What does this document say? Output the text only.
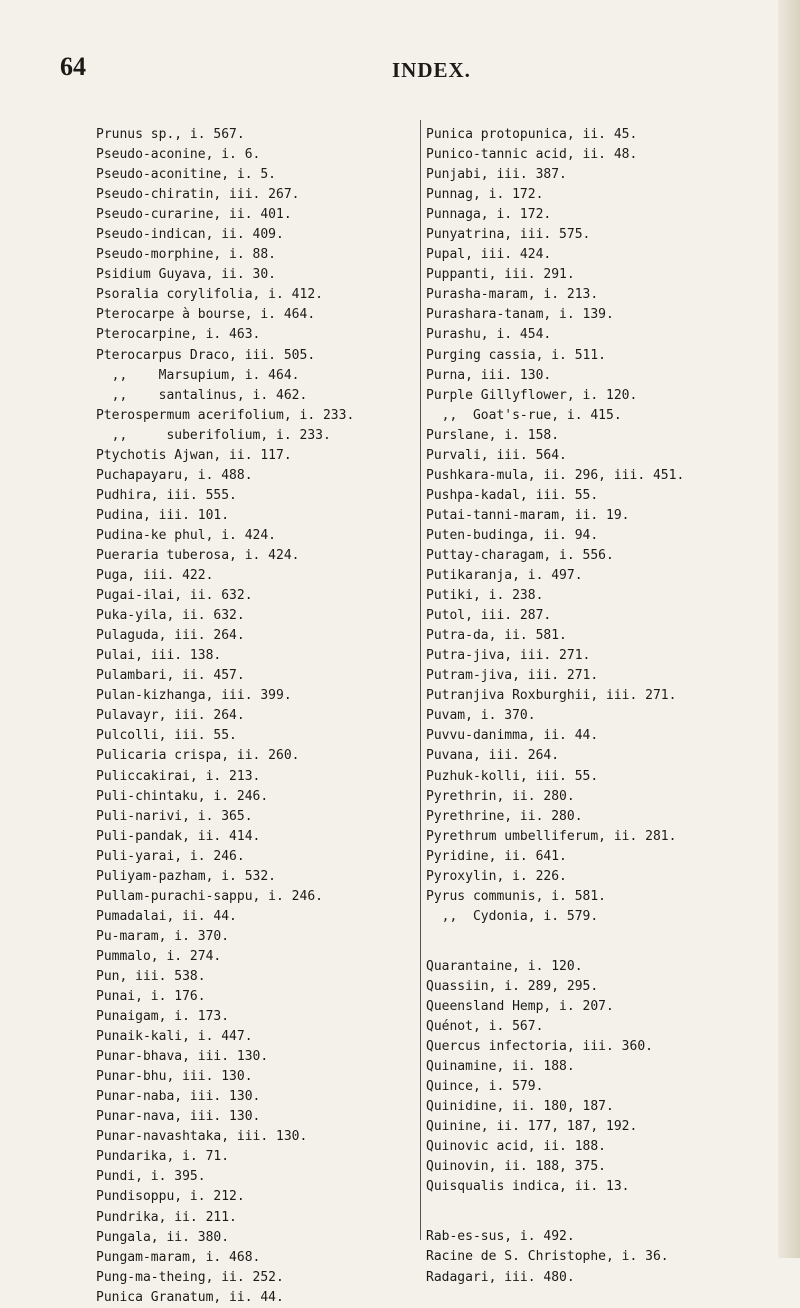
64	INDEX.
Prunus sp., i. 567.
Pseudo-aconine, i. 6.
Pseudo-aconitine, i. 5.
Pseudo-chiratin, iii. 267.
Pseudo-curarine, ii. 401.
Pseudo-indican, ii. 409.
Pseudo-morphine, i. 88.
Psidium Guyava, ii. 30.
Psoralia corylifolia, i. 412.
Pterocarpe à bourse, i. 464.
Pterocarpine, i. 463.
Pterocarpus Draco, iii. 505.
,,    Marsupium, i. 464.
,,    santalinus, i. 462.
Pterospermum acerifolium, i. 233.
,,     suberifolium, i. 233.
Ptychotis Ajwan, ii. 117.
Puchapayaru, i. 488.
Pudhira, iii. 555.
Pudina, iii. 101.
Pudina-ke phul, i. 424.
Pueraria tuberosa, i. 424.
Puga, iii. 422.
Pugai-ilai, ii. 632.
Puka-yila, ii. 632.
Pulaguda, iii. 264.
Pulai, iii. 138.
Pulambari, ii. 457.
Pulan-kizhanga, iii. 399.
Pulavayr, iii. 264.
Pulcolli, iii. 55.
Pulicaria crispa, ii. 260.
Puliccakirai, i. 213.
Puli-chintaku, i. 246.
Puli-narivi, i. 365.
Puli-pandak, ii. 414.
Puli-yarai, i. 246.
Puliyam-pazham, i. 532.
Pullam-purachi-sappu, i. 246.
Pumadalai, ii. 44.
Pu-maram, i. 370.
Pummalo, i. 274.
Pun, iii. 538.
Punai, i. 176.
Punaigam, i. 173.
Punaik-kali, i. 447.
Punar-bhava, iii. 130.
Punar-bhu, iii. 130.
Punar-naba, iii. 130.
Punar-nava, iii. 130.
Punar-navashtaka, iii. 130.
Pundarika, i. 71.
Pundi, i. 395.
Pundisoppu, i. 212.
Pundrika, ii. 211.
Pungala, ii. 380.
Pungam-maram, i. 468.
Pung-ma-theing, ii. 252.
Punica Granatum, ii. 44.
Punica protopunica, ii. 45.
Punico-tannic acid, ii. 48.
Punjabi, iii. 387.
Punnag, i. 172.
Punnaga, i. 172.
Punyatrina, iii. 575.
Pupal, iii. 424.
Puppanti, iii. 291.
Purasha-maram, i. 213.
Purashara-tanam, i. 139.
Purashu, i. 454.
Purging cassia, i. 511.
Purna, iii. 130.
Purple Gillyflower, i. 120.
,,  Goat's-rue, i. 415.
Purslane, i. 158.
Purvali, iii. 564.
Pushkara-mula, ii. 296, iii. 451.
Pushpa-kadal, iii. 55.
Putai-tanni-maram, ii. 19.
Puten-budinga, ii. 94.
Puttay-charagam, i. 556.
Putikaranja, i. 497.
Putiki, i. 238.
Putol, iii. 287.
Putra-da, ii. 581.
Putra-jiva, iii. 271.
Putram-jiva, iii. 271.
Putranjiva Roxburghii, iii. 271.
Puvam, i. 370.
Puvvu-danimma, ii. 44.
Puvana, iii. 264.
Puzhuk-kolli, iii. 55.
Pyrethrin, ii. 280.
Pyrethrine, ii. 280.
Pyrethrum umbelliferum, ii. 281.
Pyridine, ii. 641.
Pyroxylin, i. 226.
Pyrus communis, i. 581.
,,  Cydonia, i. 579.
Quarantaine, i. 120.
Quassiin, i. 289, 295.
Queensland Hemp, i. 207.
Quénot, i. 567.
Quercus infectoria, iii. 360.
Quinamine, ii. 188.
Quince, i. 579.
Quinidine, ii. 180, 187.
Quinine, ii. 177, 187, 192.
Quinovic acid, ii. 188.
Quinovin, ii. 188, 375.
Quisqualis indica, ii. 13.
Rab-es-sus, i. 492.
Racine de S. Christophe, i. 36.
Radagari, iii. 480.
